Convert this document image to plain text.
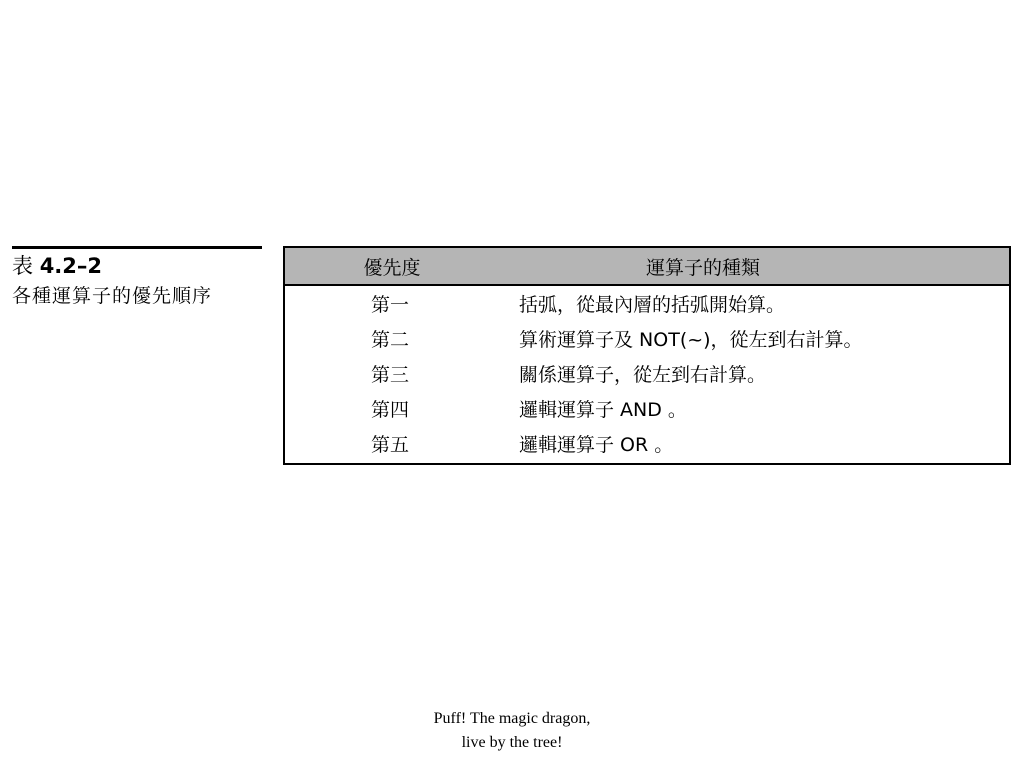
表 4.2–2
各種運算子的優先順序
優先度	運算子的種類
第一	括弧，從最內層的括弧開始算。
第二	算術運算子及 NOT(~)，從左到右計算。
第三	關係運算子，從左到右計算。
第四	邏輯運算子 AND 。
第五	邏輯運算子 OR 。
Puff! The magic dragon,
live by the tree!
